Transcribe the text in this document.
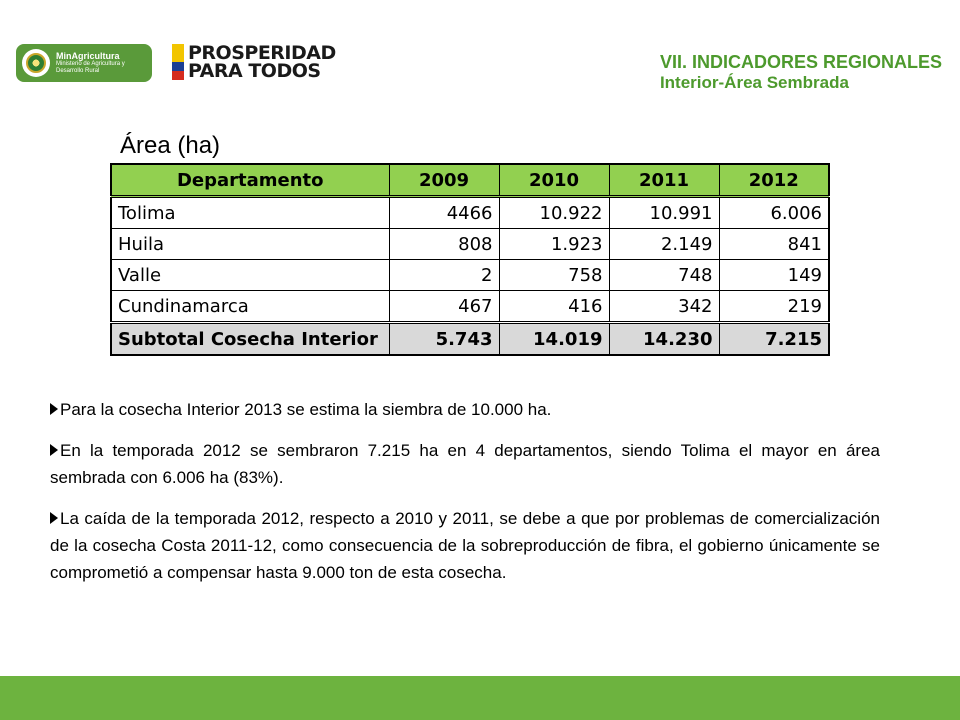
MinAgricultura
Ministerio de Agricultura y Desarrollo Rural
PROSPERIDAD
PARA TODOS	VII. INDICADORES REGIONALES
Interior-Área Sembrada
Área (ha)
Departamento	2009	2010	2011	2012
Tolima	4466	10.922	10.991	6.006
Huila	808	1.923	2.149	841
Valle	2	758	748	149
Cundinamarca	467	416	342	219
Subtotal Cosecha Interior	5.743	14.019	14.230	7.215
Para la cosecha Interior 2013 se estima la siembra de 10.000 ha.
En la temporada 2012 se sembraron 7.215 ha en 4 departamentos, siendo Tolima el mayor en área sembrada con 6.006 ha (83%).
La caída de la temporada 2012, respecto a 2010 y 2011, se debe a que por problemas de comercialización de la cosecha Costa 2011-12, como consecuencia de la sobreproducción de fibra, el gobierno únicamente se comprometió a compensar hasta 9.000 ton de esta cosecha.
